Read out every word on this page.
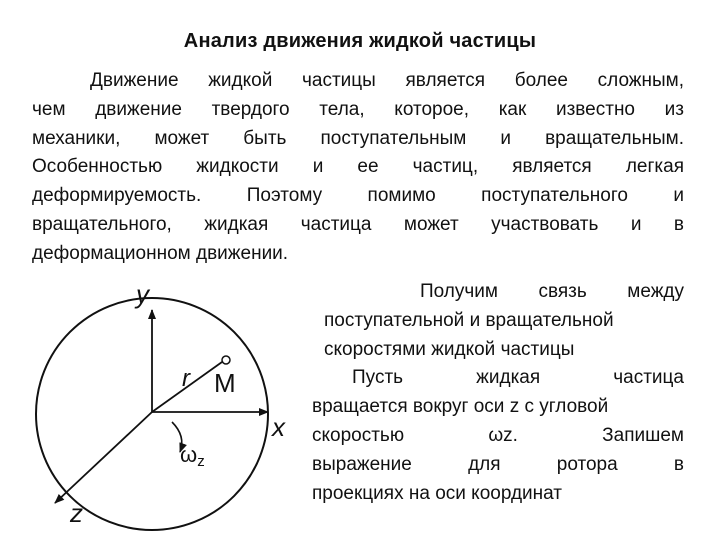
Анализ движения жидкой частицы
Движение жидкой частицы является более сложным,
чем движение твердого тела, которое, как известно из
механики, может быть поступательным и вращательным.
Особенностью жидкости и ее частиц, является легкая
деформируемость. Поэтому помимо поступательного и
вращательного, жидкая частица может участвовать и в
деформационном движении.
Получим связь между
поступательной и вращательной
скоростями жидкой частицы
Пусть жидкая частица
вращается вокруг оси z с угловой
скоростью ωz. Запишем
выражение для ротора в
проекциях на оси координат
y
x
z
r M
ωz
